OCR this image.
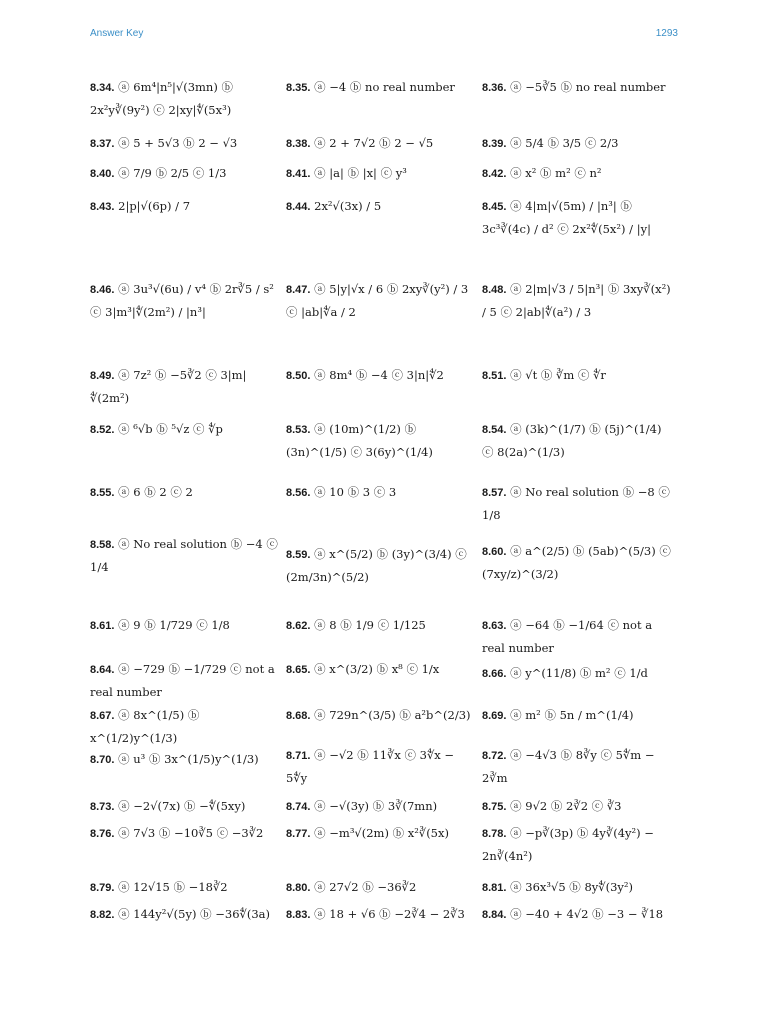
Answer Key	1293
8.34. ⓐ 6m⁴|n⁵|√(3mn) ⓑ 2x²y∛(9y²) ⓒ 2|xy|∜(5x³)
8.37. ⓐ 5 + 5√3 ⓑ 2 − √3
8.40. ⓐ 7/9 ⓑ 2/5 ⓒ 1/3
8.43. 2|p|√(6p) / 7
8.46. ⓐ 3u³√(6u) / v⁴ ⓑ 2r∛5 / s² ⓒ 3|m³|∜(2m²) / |n³|
8.49. ⓐ 7z² ⓑ −5∛2 ⓒ 3|m|∜(2m²)
8.52. ⓐ ⁶√b ⓑ ⁵√z ⓒ ∜p
8.55. ⓐ 6 ⓑ 2 ⓒ 2
8.58. ⓐ No real solution ⓑ −4 ⓒ 1/4
8.61. ⓐ 9 ⓑ 1/729 ⓒ 1/8
8.64. ⓐ −729 ⓑ −1/729 ⓒ not a real number
8.67. ⓐ 8x^(1/5) ⓑ x^(1/2)y^(1/3)
8.70. ⓐ u³ ⓑ 3x^(1/5)y^(1/3)
8.73. ⓐ −2√(7x) ⓑ −∜(5xy)
8.76. ⓐ 7√3 ⓑ −10∛5 ⓒ −3∛2
8.79. ⓐ 12√15 ⓑ −18∛2
8.82. ⓐ 144y²√(5y) ⓑ −36∜(3a)
8.35. ⓐ −4 ⓑ no real number
8.38. ⓐ 2 + 7√2 ⓑ 2 − √5
8.41. ⓐ |a| ⓑ |x| ⓒ y³
8.44. 2x²√(3x) / 5
8.47. ⓐ 5|y|√x / 6 ⓑ 2xy∛(y²) / 3 ⓒ |ab|∜a / 2
8.50. ⓐ 8m⁴ ⓑ −4 ⓒ 3|n|∜2
8.53. ⓐ (10m)^(1/2) ⓑ (3n)^(1/5) ⓒ 3(6y)^(1/4)
8.56. ⓐ 10 ⓑ 3 ⓒ 3
8.59. ⓐ x^(5/2) ⓑ (3y)^(3/4) ⓒ (2m/3n)^(5/2)
8.62. ⓐ 8 ⓑ 1/9 ⓒ 1/125
8.65. ⓐ x^(3/2) ⓑ x⁸ ⓒ 1/x
8.68. ⓐ 729n^(3/5) ⓑ a²b^(2/3)
8.71. ⓐ −√2 ⓑ 11∛x ⓒ 3∜x − 5∜y
8.74. ⓐ −√(3y) ⓑ 3∛(7mn)
8.77. ⓐ −m³√(2m) ⓑ x²∛(5x)
8.80. ⓐ 27√2 ⓑ −36∛2
8.83. ⓐ 18 + √6 ⓑ −2∛4 − 2∛3
8.36. ⓐ −5∛5 ⓑ no real number
8.39. ⓐ 5/4 ⓑ 3/5 ⓒ 2/3
8.42. ⓐ x² ⓑ m² ⓒ n²
8.45. ⓐ 4|m|√(5m) / |n³| ⓑ 3c³∛(4c) / d² ⓒ 2x²∜(5x²) / |y|
8.48. ⓐ 2|m|√3 / 5|n³| ⓑ 3xy∛(x²) / 5 ⓒ 2|ab|∜(a²) / 3
8.51. ⓐ √t ⓑ ∛m ⓒ ∜r
8.54. ⓐ (3k)^(1/7) ⓑ (5j)^(1/4) ⓒ 8(2a)^(1/3)
8.57. ⓐ No real solution ⓑ −8 ⓒ 1/8
8.60. ⓐ a^(2/5) ⓑ (5ab)^(5/3) ⓒ (7xy/z)^(3/2)
8.63. ⓐ −64 ⓑ −1/64 ⓒ not a real number
8.66. ⓐ y^(11/8) ⓑ m² ⓒ 1/d
8.69. ⓐ m² ⓑ 5n / m^(1/4)
8.72. ⓐ −4√3 ⓑ 8∛y ⓒ 5∜m − 2∛m
8.75. ⓐ 9√2 ⓑ 2∛2 ⓒ ∛3
8.78. ⓐ −p∛(3p) ⓑ 4y∛(4y²) − 2n∛(4n²)
8.81. ⓐ 36x³√5 ⓑ 8y∜(3y²)
8.84. ⓐ −40 + 4√2 ⓑ −3 − ∛18
